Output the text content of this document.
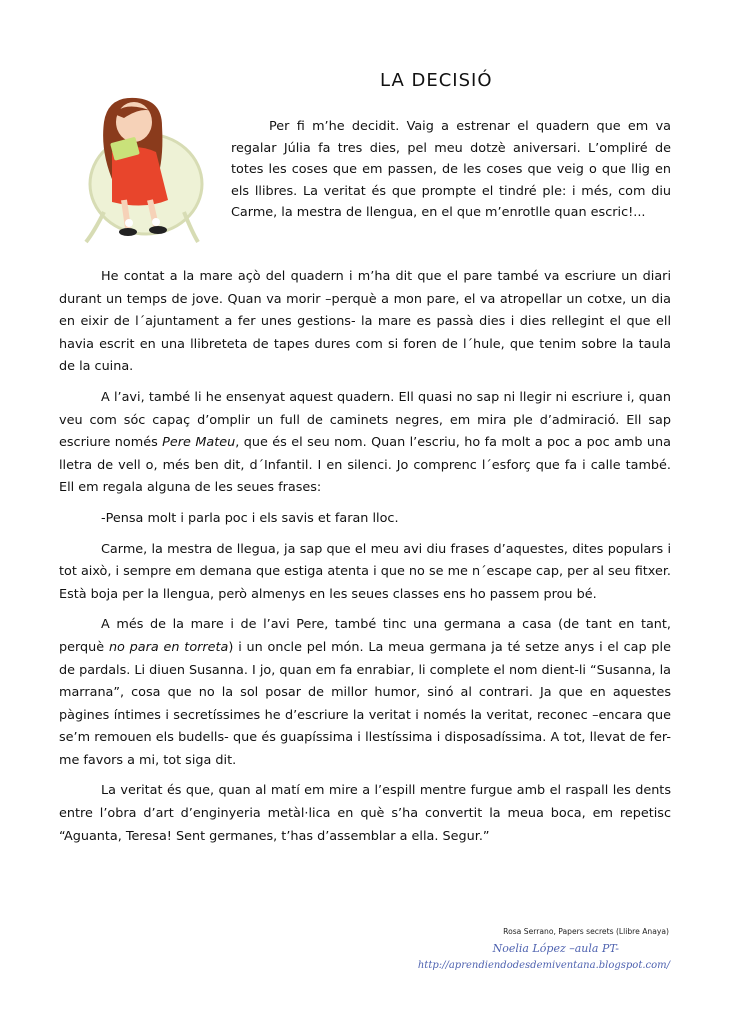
LA DECISIÓ

Per fi m’he decidit. Vaig a estrenar el quadern que em va regalar Júlia fa tres dies, pel meu dotzè aniversari. L’ompliré de totes les coses que em passen, de les coses que veig o que llig en els llibres. La veritat és que prompte el tindré ple: i més, com diu Carme, la mestra de llengua, en el que m’enrotlle quan escric!...

He contat a la mare açò del quadern i m’ha dit que el pare també va escriure un diari durant un temps de jove. Quan va morir –perquè a mon pare, el va atropellar un cotxe, un dia en eixir de l´ajuntament a fer unes gestions- la mare es passà dies i dies rellegint el que ell havia escrit en una llibreteta de tapes dures com si foren de l´hule, que tenim sobre la taula de la cuina.

A l’avi, també li he ensenyat aquest quadern. Ell quasi no sap ni llegir ni escriure i, quan veu com sóc capaç d’omplir un full de caminets negres, em mira ple d’admiració. Ell sap escriure només Pere Mateu, que és el seu nom. Quan l’escriu, ho fa molt a poc a poc amb una lletra de vell o, més ben dit, d´Infantil. I en silenci. Jo comprenc l´esforç que fa i calle també. Ell em regala alguna de les seues frases:

-Pensa molt i parla poc i els savis et faran lloc.

Carme, la mestra de llegua, ja sap que el meu avi diu frases d’aquestes, dites populars i tot això, i sempre em demana que estiga atenta i que no se me n´escape cap, per al seu fitxer. Està boja per la llengua, però almenys en les seues classes ens ho passem prou bé.

A més de la mare i de l’avi Pere, també tinc una germana a casa (de tant en tant, perquè no para en torreta) i un oncle pel món. La meua germana ja té setze anys i el cap ple de pardals. Li diuen Susanna. I jo, quan em fa enrabiar, li complete el nom dient-li “Susanna, la marrana”, cosa que no la sol posar de millor humor, sinó al contrari. Ja que en aquestes pàgines íntimes i secretíssimes he d’escriure la veritat i només la veritat, reconec –encara que se’m remouen els budells- que és guapíssima i llestíssima i disposadíssima. A tot, llevat de fer-me favors a mi, tot siga dit.

La veritat és que, quan al matí em mire a l’espill mentre furgue amb el raspall les dents entre l’obra d’art d’enginyeria metàl·lica en què s’ha convertit la meua boca, em repetisc “Aguanta, Teresa! Sent germanes, t’has d’assemblar a ella. Segur.”

Rosa Serrano, Papers secrets (Llibre Anaya)
Noelia López –aula PT-
http://aprendiendodesdemiventana.blogspot.com/
